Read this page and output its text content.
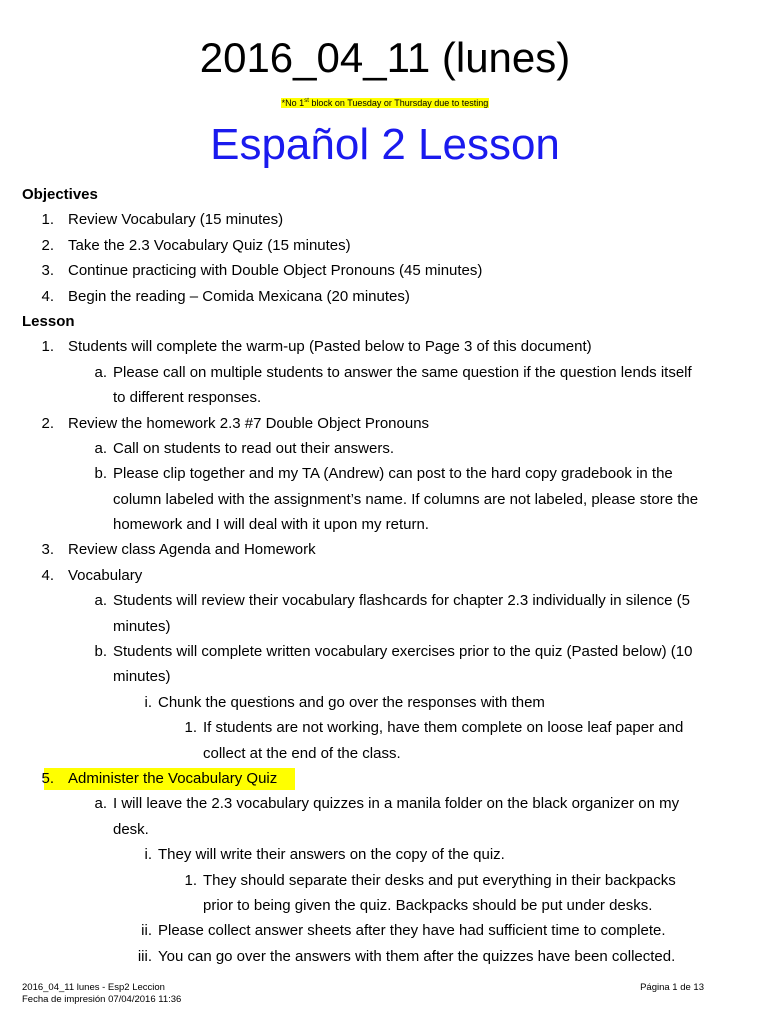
2016_04_11 (lunes)
*No 1st block on Tuesday or Thursday due to testing
Español 2 Lesson
Objectives
1. Review Vocabulary (15 minutes)
2. Take the 2.3 Vocabulary Quiz (15 minutes)
3. Continue practicing with Double Object Pronouns (45 minutes)
4. Begin the reading – Comida Mexicana (20 minutes)
Lesson
1. Students will complete the warm-up (Pasted below to Page 3 of this document)
a. Please call on multiple students to answer the same question if the question lends itself
to different responses.
2. Review the homework 2.3 #7 Double Object Pronouns
a. Call on students to read out their answers.
b. Please clip together and my TA (Andrew) can post to the hard copy gradebook in the
column labeled with the assignment’s name. If columns are not labeled, please store the
homework and I will deal with it upon my return.
3. Review class Agenda and Homework
4. Vocabulary
a. Students will review their vocabulary flashcards for chapter 2.3 individually in silence (5
minutes)
b. Students will complete written vocabulary exercises prior to the quiz (Pasted below) (10
minutes)
i. Chunk the questions and go over the responses with them
1. If students are not working, have them complete on loose leaf paper and
collect at the end of the class.
5. Administer the Vocabulary Quiz
a. I will leave the 2.3 vocabulary quizzes in a manila folder on the black organizer on my
desk.
i. They will write their answers on the copy of the quiz.
1. They should separate their desks and put everything in their backpacks
prior to being given the quiz. Backpacks should be put under desks.
ii. Please collect answer sheets after they have had sufficient time to complete.
iii. You can go over the answers with them after the quizzes have been collected.
2016_04_11 lunes - Esp2 Leccion
Fecha de impresión 07/04/2016 11:36
Página 1 de 13
